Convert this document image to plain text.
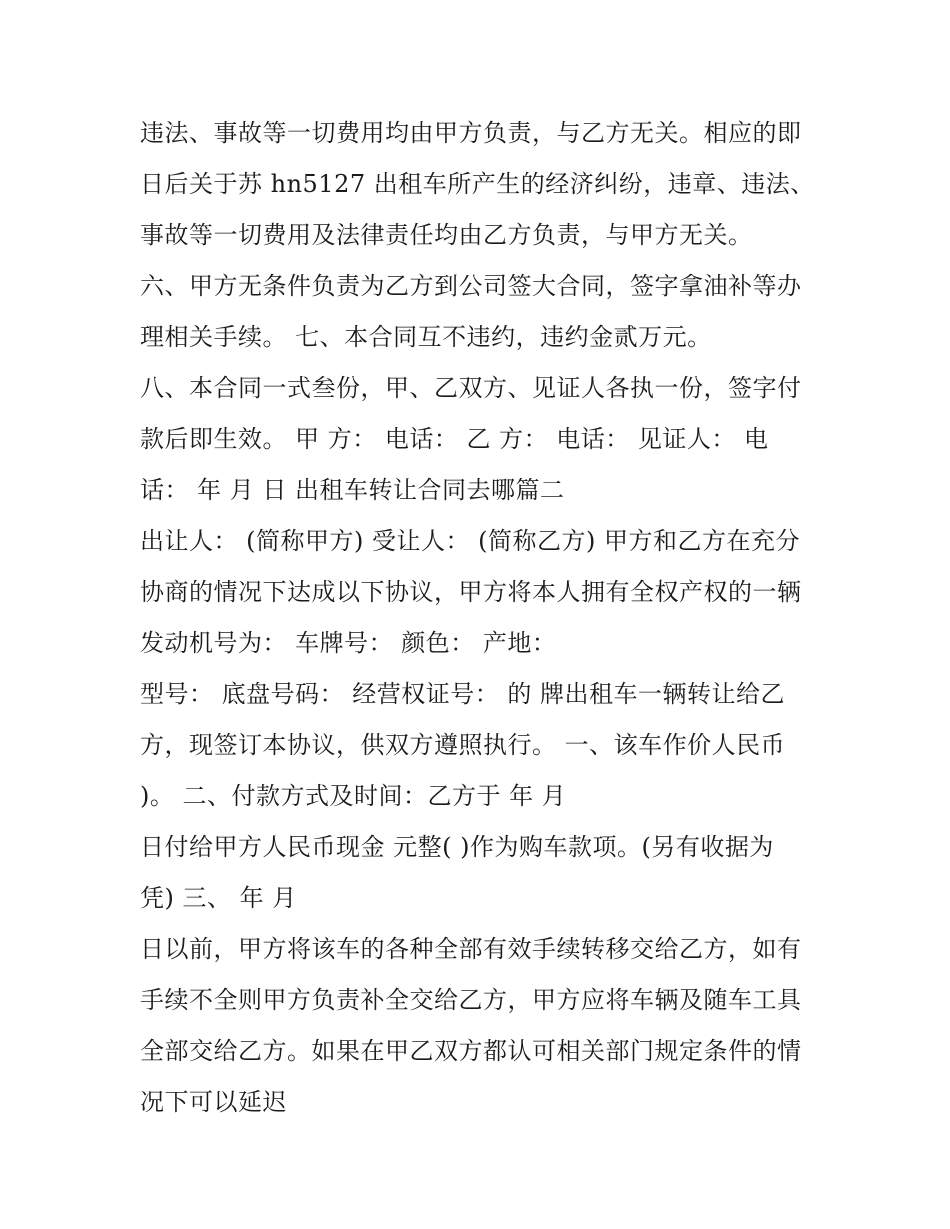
违法、事故等一切费用均由甲方负责，与乙方无关。相应的即
日后关于苏 hn5127 出租车所产生的经济纠纷，违章、违法、
事故等一切费用及法律责任均由乙方负责，与甲方无关。
六、甲方无条件负责为乙方到公司签大合同，签字拿油补等办
理相关手续。 七、本合同互不违约，违约金贰万元。
八、本合同一式叁份，甲、乙双方、见证人各执一份，签字付
款后即生效。 甲 方： 电话： 乙 方： 电话： 见证人： 电
话： 年 月 日 出租车转让合同去哪篇二
出让人： (简称甲方) 受让人： (简称乙方) 甲方和乙方在充分
协商的情况下达成以下协议，甲方将本人拥有全权产权的一辆
发动机号为： 车牌号： 颜色： 产地：
型号： 底盘号码： 经营权证号： 的 牌出租车一辆转让给乙
方，现签订本协议，供双方遵照执行。 一、该车作价人民币
)。 二、付款方式及时间：乙方于 年 月
日付给甲方人民币现金 元整( )作为购车款项。(另有收据为
凭) 三、 年 月
日以前，甲方将该车的各种全部有效手续转移交给乙方，如有
手续不全则甲方负责补全交给乙方，甲方应将车辆及随车工具
全部交给乙方。如果在甲乙双方都认可相关部门规定条件的情
况下可以延迟
